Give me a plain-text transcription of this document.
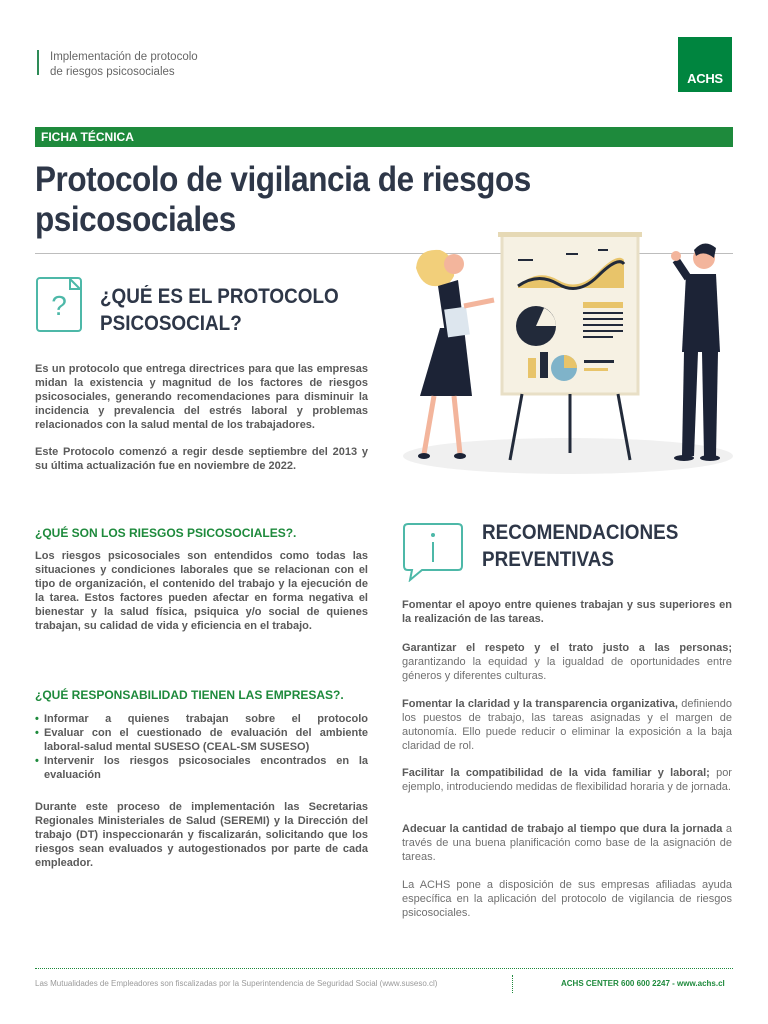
Implementación de protocolo
de riesgos psicosociales	ACHS
FICHA TÉCNICA
Protocolo de vigilancia de riesgos
psicosociales
? ¿QUÉ ES EL PROTOCOLO
PSICOSOCIAL?

Es un protocolo que entrega directrices para que las empresas midan la existencia y magnitud de los factores de riesgos psicosociales, generando recomendaciones para disminuir la incidencia y prevalencia del estrés laboral y problemas relacionados con la salud mental de los trabajadores.

Este Protocolo comenzó a regir desde septiembre del 2013 y su última actualización fue en noviembre de 2022.

¿QUÉ SON LOS RIESGOS PSICOSOCIALES?.

Los riesgos psicosociales son entendidos como todas las situaciones y condiciones laborales que se relacionan con el tipo de organización, el contenido del trabajo y la ejecución de la tarea. Estos factores pueden afectar en forma negativa el bienestar y la salud física, psiquica y/o social de quienes trabajan, su calidad de vida y eficiencia en el trabajo.

¿QUÉ RESPONSABILIDAD TIENEN LAS EMPRESAS?.
• Informar a quienes trabajan sobre el protocolo
• Evaluar con el cuestionado de evaluación del ambiente laboral-salud mental SUSESO (CEAL-SM SUSESO)
• Intervenir los riesgos psicosociales encontrados en la evaluación

Durante este proceso de implementación las Secretarias Regionales Ministeriales de Salud (SEREMI) y la Dirección del trabajo (DT) inspeccionarán y fiscalizarán, solicitando que los riesgos sean evaluados y autogestionados por parte de cada empleador.

RECOMENDACIONES
PREVENTIVAS

Fomentar el apoyo entre quienes trabajan y sus superiores en la realización de las tareas.

Garantizar el respeto y el trato justo a las personas; garantizando la equidad y la igualdad de oportunidades entre géneros y diferentes culturas.

Fomentar la claridad y la transparencia organizativa, definiendo los puestos de trabajo, las tareas asignadas y el margen de autonomía. Ello puede reducir o eliminar la exposición a la baja claridad de rol.

Facilitar la compatibilidad de la vida familiar y laboral; por ejemplo, introduciendo medidas de flexibilidad horaria y de jornada.

Adecuar la cantidad de trabajo al tiempo que dura la jornada a través de una buena planificación como base de la asignación de tareas.

La ACHS pone a disposición de sus empresas afiliadas ayuda específica en la aplicación del protocolo de vigilancia de riesgos psicosociales.

Las Mutualidades de Empleadores son fiscalizadas por la Superintendencia de Seguridad Social (www.suseso.cl)	ACHS CENTER 600 600 2247 - www.achs.cl
